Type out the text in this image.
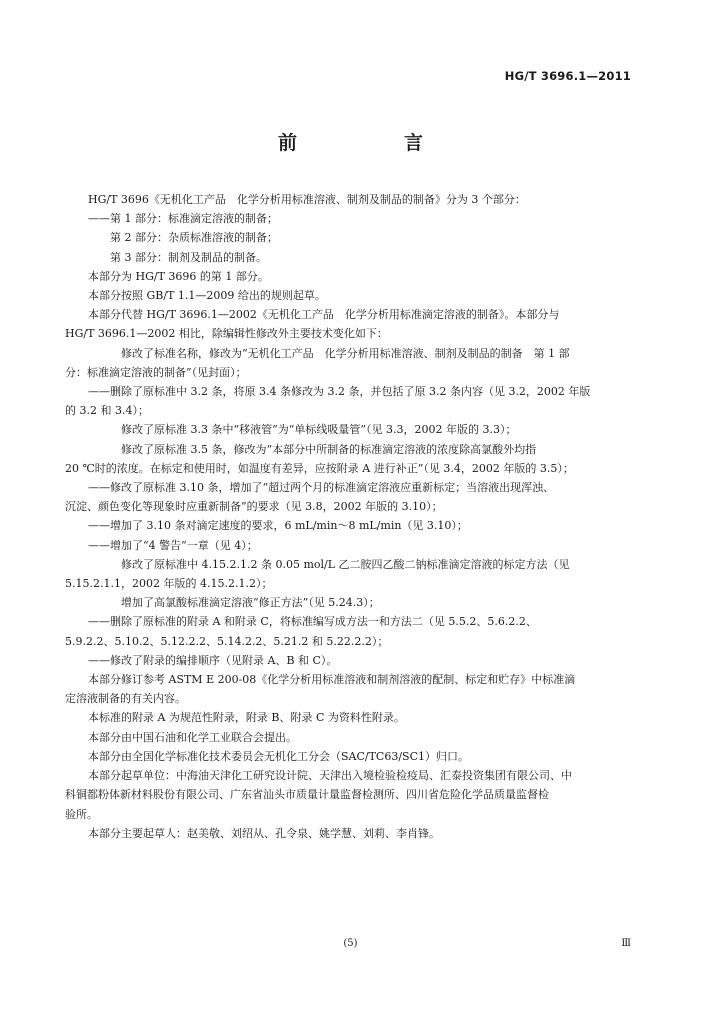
HG/T 3696.1—2011
前　言

HG/T 3696《无机化工产品　化学分析用标准溶液、制剂及制品的制备》分为 3 个部分：

——第 1 部分：标准滴定溶液的制备；

第 2 部分：杂质标准溶液的制备；

第 3 部分：制剂及制品的制备。

本部分为 HG/T 3696 的第 1 部分。

本部分按照 GB/T 1.1—2009 给出的规则起草。

本部分代替 HG/T 3696.1—2002《无机化工产品　化学分析用标准滴定溶液的制备》。本部分与

HG/T 3696.1—2002 相比，除编辑性修改外主要技术变化如下：

修改了标准名称，修改为“无机化工产品　化学分析用标准溶液、制剂及制品的制备　第 1 部

分：标准滴定溶液的制备”（见封面）；

——删除了原标准中 3.2 条，将原 3.4 条修改为 3.2 条，并包括了原 3.2 条内容（见 3.2，2002 年版

的 3.2 和 3.4）；

修改了原标准 3.3 条中“移液管”为“单标线吸量管”（见 3.3，2002 年版的 3.3）；

修改了原标准 3.5 条，修改为“本部分中所制备的标准滴定溶液的浓度除高氯酸外均指

20 ℃时的浓度。在标定和使用时，如温度有差异，应按附录 A 进行补正”（见 3.4，2002 年版的 3.5）；

——修改了原标准 3.10 条，增加了“超过两个月的标准滴定溶液应重新标定；当溶液出现浑浊、

沉淀、颜色变化等现象时应重新制备”的要求（见 3.8，2002 年版的 3.10）；

——增加了 3.10 条对滴定速度的要求，6 mL/min～8 mL/min（见 3.10）；

——增加了“4 警告”一章（见 4）；

修改了原标准中 4.15.2.1.2 条 0.05 mol/L 乙二胺四乙酸二钠标准滴定溶液的标定方法（见

5.15.2.1.1，2002 年版的 4.15.2.1.2）；

增加了高氯酸标准滴定溶液“修正方法”（见 5.24.3）；

——删除了原标准的附录 A 和附录 C，将标准编写成方法一和方法二（见 5.5.2、5.6.2.2、

5.9.2.2、5.10.2、5.12.2.2、5.14.2.2、5.21.2 和 5.22.2.2）；

——修改了附录的编排顺序（见附录 A、B 和 C）。

本部分修订参考 ASTM E 200-08《化学分析用标准溶液和制剂溶液的配制、标定和贮存》中标准滴

定溶液制备的有关内容。

本标准的附录 A 为规范性附录，附录 B、附录 C 为资料性附录。

本部分由中国石油和化学工业联合会提出。

本部分由全国化学标准化技术委员会无机化工分会（SAC/TC63/SC1）归口。

本部分起草单位：中海油天津化工研究设计院、天津出入境检验检疫局、汇泰投资集团有限公司、中

科铜都粉体新材料股份有限公司、广东省汕头市质量计量监督检测所、四川省危险化学品质量监督检

验所。

本部分主要起草人：赵美敬、刘绍从、孔令泉、姚学慧、刘莉、李肖锋。

(5)	Ⅲ
